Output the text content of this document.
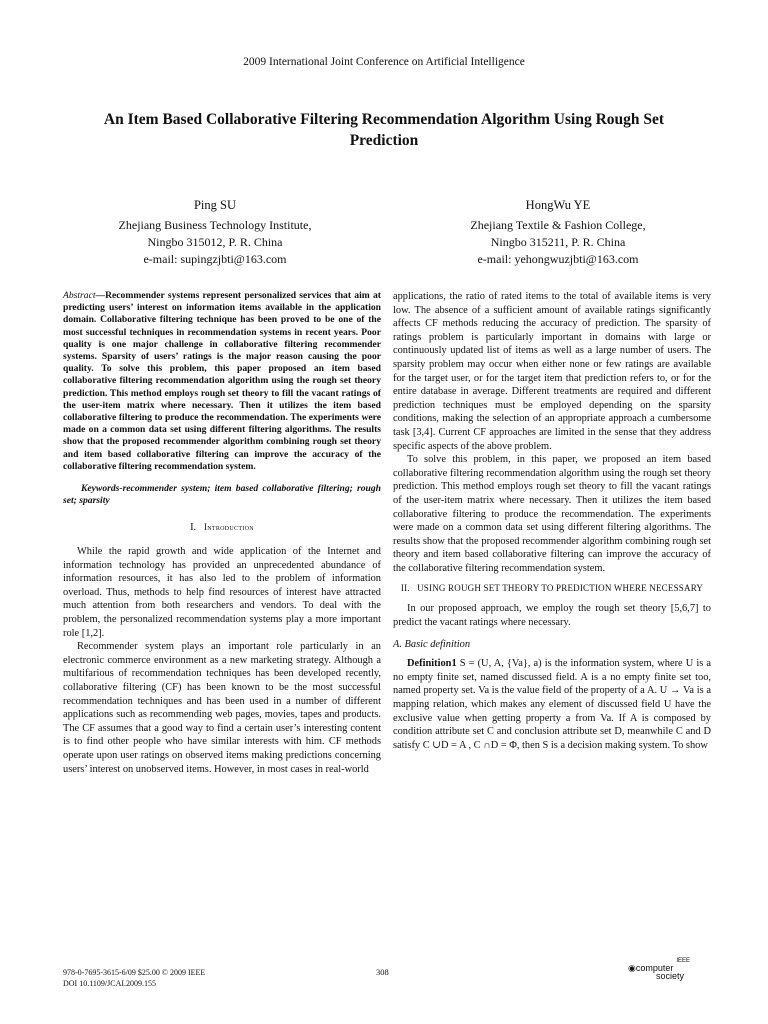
2009 International Joint Conference on Artificial Intelligence
An Item Based Collaborative Filtering Recommendation Algorithm Using Rough Set Prediction
Ping SU
Zhejiang Business Technology Institute,
Ningbo 315012, P. R. China
e-mail: supingzjbti@163.com
HongWu YE
Zhejiang Textile & Fashion College,
Ningbo 315211, P. R. China
e-mail: yehongwuzjbti@163.com

Abstract—Recommender systems represent personalized services that aim at predicting users’ interest on information items available in the application domain. Collaborative filtering technique has been proved to be one of the most successful techniques in recommendation systems in recent years. Poor quality is one major challenge in collaborative filtering recommender systems. Sparsity of users’ ratings is the major reason causing the poor quality. To solve this problem, this paper proposed an item based collaborative filtering recommendation algorithm using the rough set theory prediction. This method employs rough set theory to fill the vacant ratings of the user-item matrix where necessary. Then it utilizes the item based collaborative filtering to produce the recommendation. The experiments were made on a common data set using different filtering algorithms. The results show that the proposed recommender algorithm combining rough set theory and item based collaborative filtering can improve the accuracy of the collaborative filtering recommendation system.

Keywords-recommender system; item based collaborative filtering; rough set; sparsity

I. Introduction

While the rapid growth and wide application of the Internet and information technology has provided an unprecedented abundance of information resources, it has also led to the problem of information overload. Thus, methods to help find resources of interest have attracted much attention from both researchers and vendors. To deal with the problem, the personalized recommendation systems play a more important role [1,2].

Recommender system plays an important role particularly in an electronic commerce environment as a new marketing strategy. Although a multifarious of recommendation techniques has been developed recently, collaborative filtering (CF) has been known to be the most successful recommendation techniques and has been used in a number of different applications such as recommending web pages, movies, tapes and products. The CF assumes that a good way to find a certain user’s interesting content is to find other people who have similar interests with him. CF methods operate upon user ratings on observed items making predictions concerning users’ interest on unobserved items. However, in most cases in real-world

applications, the ratio of rated items to the total of available items is very low. The absence of a sufficient amount of available ratings significantly affects CF methods reducing the accuracy of prediction. The sparsity of ratings problem is particularly important in domains with large or continuously updated list of items as well as a large number of users. The sparsity problem may occur when either none or few ratings are available for the target user, or for the target item that prediction refers to, or for the entire database in average. Different treatments are required and different prediction techniques must be employed depending on the sparsity conditions, making the selection of an appropriate approach a cumbersome task [3,4]. Current CF approaches are limited in the sense that they address specific aspects of the above problem.

To solve this problem, in this paper, we proposed an item based collaborative filtering recommendation algorithm using the rough set theory prediction. This method employs rough set theory to fill the vacant ratings of the user-item matrix where necessary. Then it utilizes the item based collaborative filtering to produce the recommendation. The experiments were made on a common data set using different filtering algorithms. The results show that the proposed recommender algorithm combining rough set theory and item based collaborative filtering can improve the accuracy of the collaborative filtering recommendation system.

II. USING ROUGH SET THEORY TO PREDICTION WHERE NECESSARY

In our proposed approach, we employ the rough set theory [5,6,7] to predict the vacant ratings where necessary.

A. Basic definition

Definition1 S = (U, A, {Va}, a) is the information system, where U is a no empty finite set, named discussed field. A is a no empty finite set too, named property set. Va is the value field of the property of a A. U → Va is a mapping relation, which makes any element of discussed field U have the exclusive value when getting property a from Va. If A is composed by condition attribute set C and conclusion attribute set D, meanwhile C and D satisfy C ∪D = A , C ∩D = Φ, then S is a decision making system. To show

978-0-7695-3615-6/09 $25.00 © 2009 IEEE
DOI 10.1109/JCAI.2009.155
308
IEEE
◉computer
society
